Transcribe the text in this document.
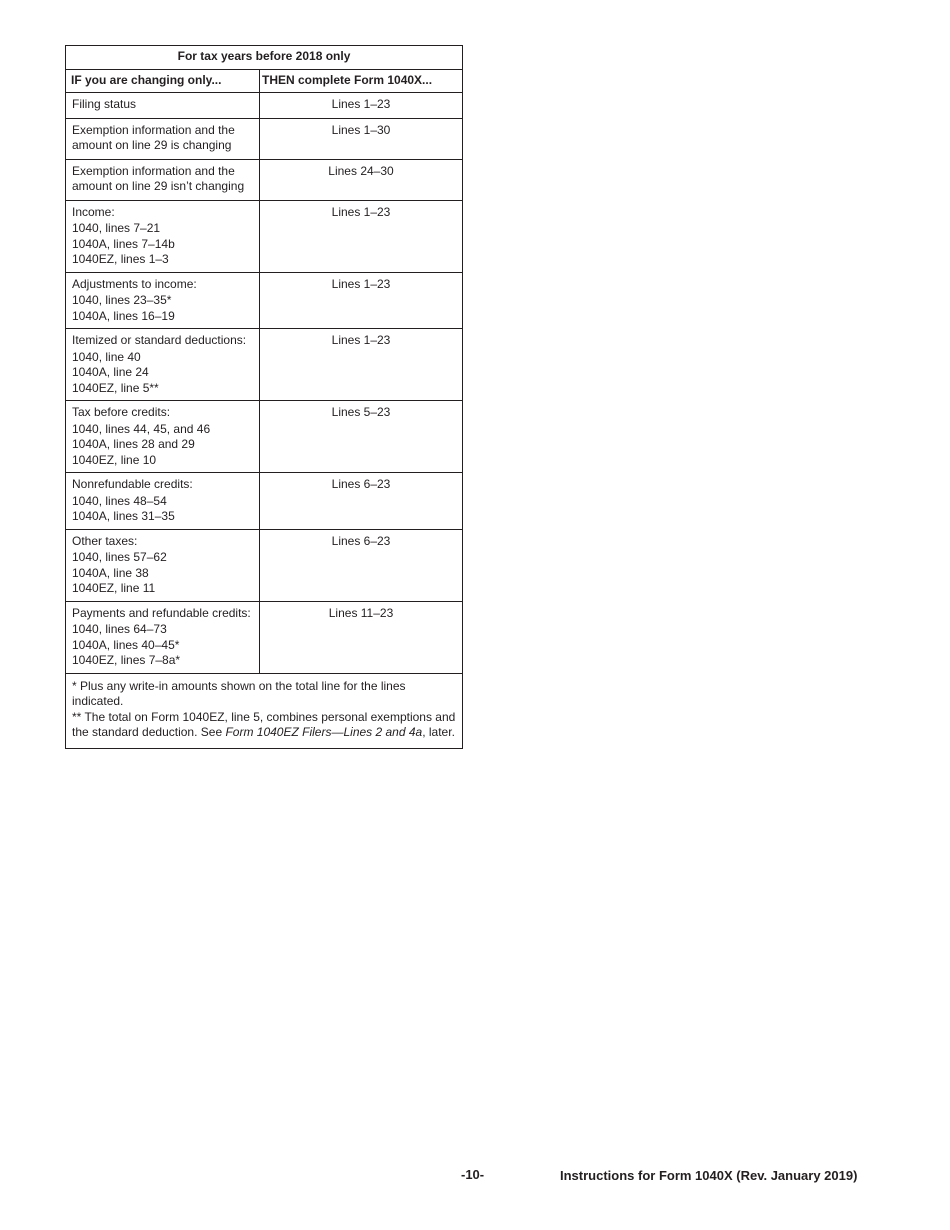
For tax years before 2018 only	
IF you are changing only...	THEN complete Form 1040X...

Filing status	Lines 1–23

Exemption information and the amount on line 29 is changing	Lines 1–30

Exemption information and the amount on line 29 isn’t changing	Lines 24–30

Income:
1040, lines 7–21
1040A, lines 7–14b
1040EZ, lines 1–3	Lines 1–23

Adjustments to income:
1040, lines 23–35*
1040A, lines 16–19	Lines 1–23

Itemized or standard deductions:
1040, line 40
1040A, line 24
1040EZ, line 5**	Lines 1–23

Tax before credits:
1040, lines 44, 45, and 46
1040A, lines 28 and 29
1040EZ, line 10	Lines 5–23

Nonrefundable credits:
1040, lines 48–54
1040A, lines 31–35	Lines 6–23

Other taxes:
1040, lines 57–62
1040A, line 38
1040EZ, line 11	Lines 6–23

Payments and refundable credits:
1040, lines 64–73
1040A, lines 40–45*
1040EZ, lines 7–8a*	Lines 11–23

* Plus any write-in amounts shown on the total line for the lines indicated.
** The total on Form 1040EZ, line 5, combines personal exemptions and the standard deduction. See Form 1040EZ Filers—Lines 2 and 4a, later.	
-10-	Instructions for Form 1040X (Rev. January 2019)
